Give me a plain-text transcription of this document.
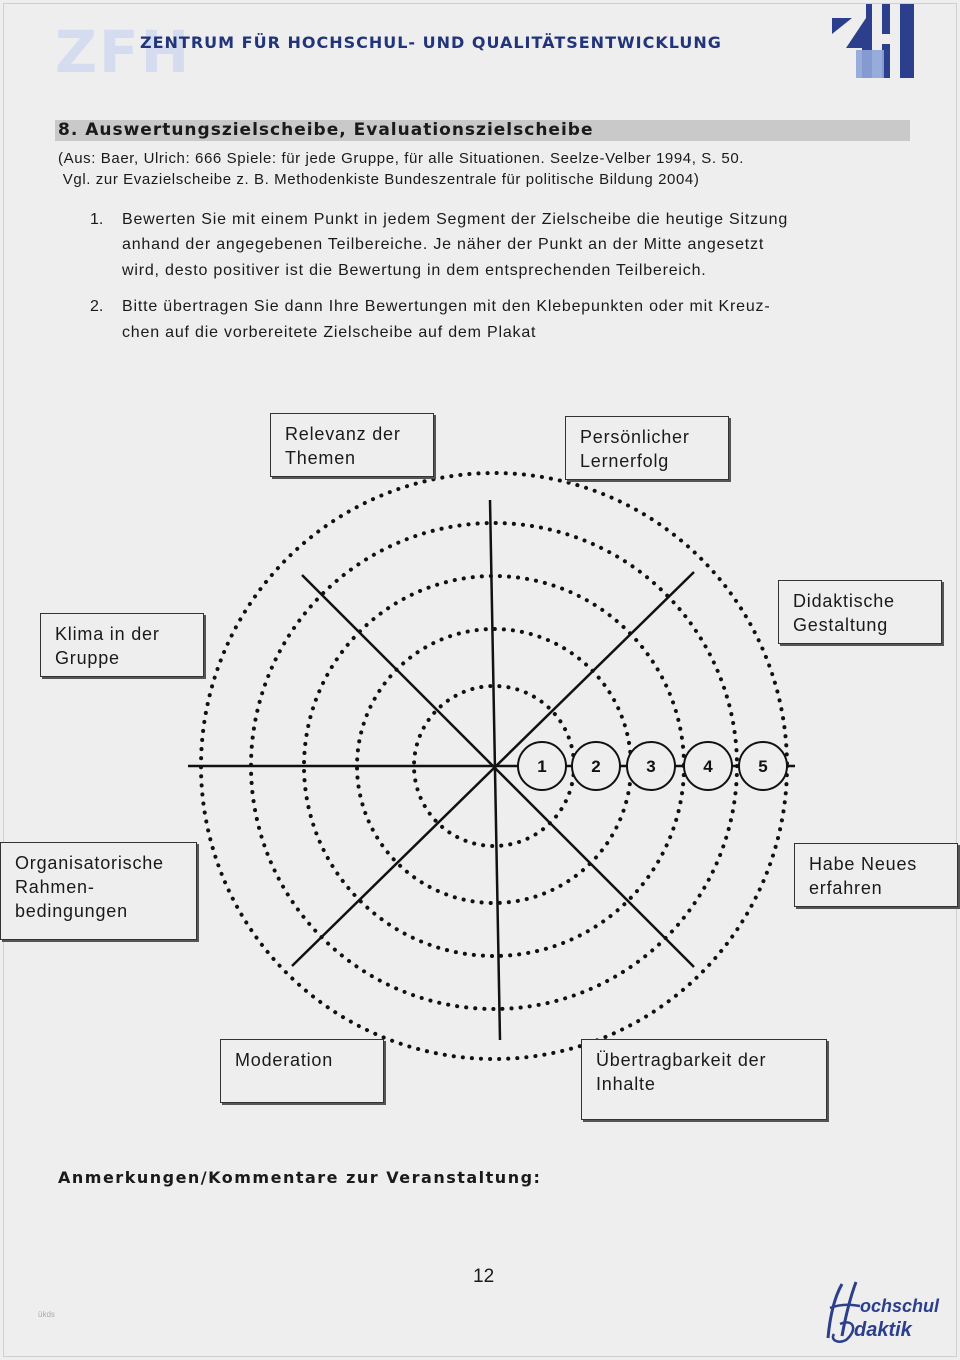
ZFH
ZENTRUM FÜR HOCHSCHUL- UND QUALITÄTSENTWICKLUNG
8. Auswertungszielscheibe, Evaluationszielscheibe
(Aus: Baer, Ulrich: 666 Spiele: für jede Gruppe, für alle Situationen. Seelze-Velber 1994, S. 50.
Vgl. zur Evazielscheibe z. B. Methodenkiste Bundeszentrale für politische Bildung 2004)
1. Bewerten Sie mit einem Punkt in jedem Segment der Zielscheibe die heutige Sitzung
anhand der angegebenen Teilbereiche. Je näher der Punkt an der Mitte angesetzt
wird, desto positiver ist die Bewertung in dem entsprechenden Teilbereich.
2. Bitte übertragen Sie dann Ihre Bewertungen mit den Klebepunkten oder mit Kreuz-
chen auf die vorbereitete Zielscheibe auf dem Plakat
1	2	3	4	5
Relevanz der
Themen
Persönlicher
Lernerfolg
Didaktische
Gestaltung
Habe Neues
erfahren
Übertragbarkeit der
Inhalte
Moderation
Organisatorische
Rahmen-
bedingungen
Klima in der
Gruppe
Anmerkungen/Kommentare zur Veranstaltung:
12
ükds	ochschul
daktik
